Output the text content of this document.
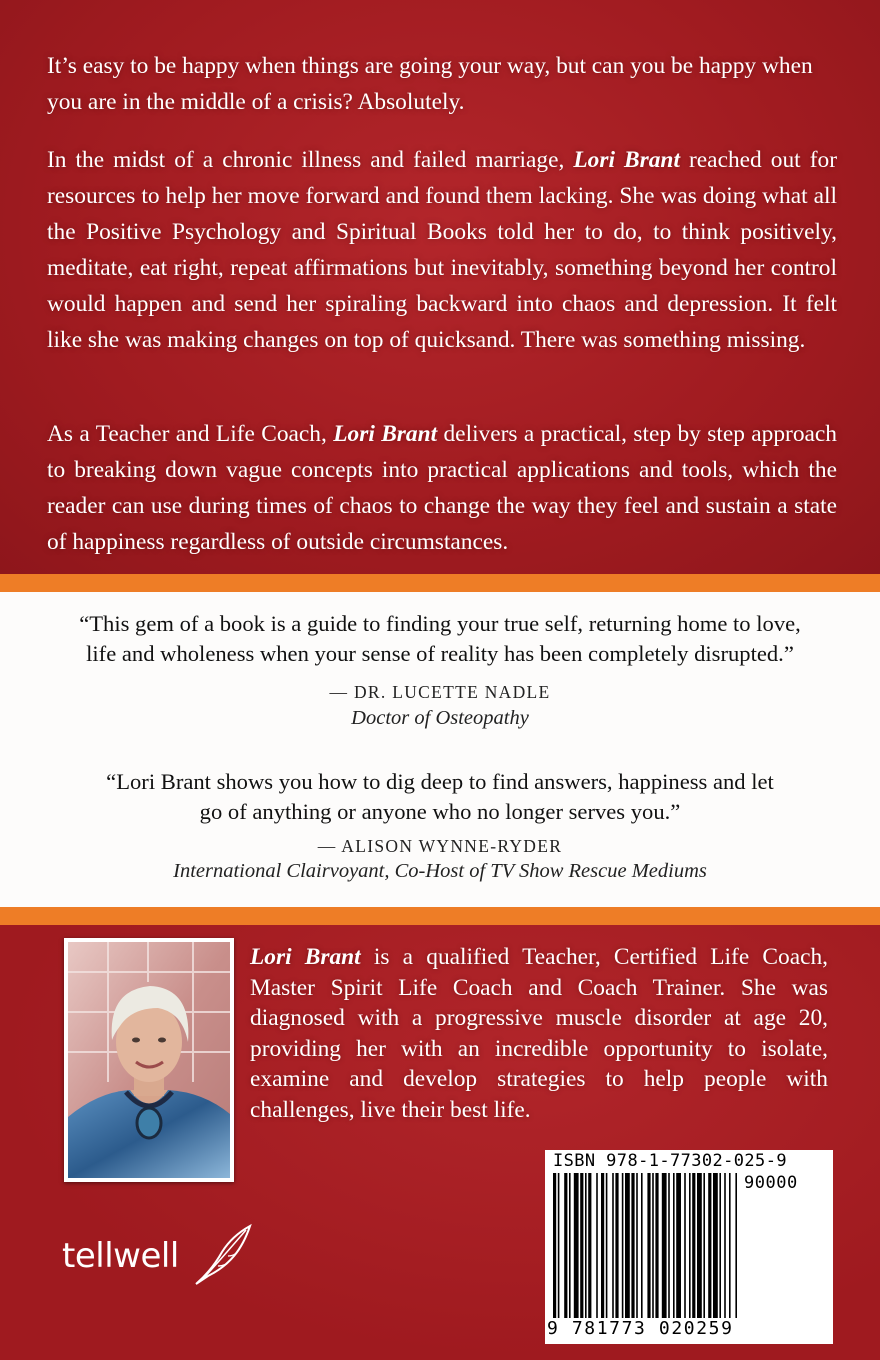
It’s easy to be happy when things are going your way, but can you be happy when you are in the middle of a crisis? Absolutely.

In the midst of a chronic illness and failed marriage, Lori Brant reached out for resources to help her move forward and found them lacking. She was doing what all the Positive Psychology and Spiritual Books told her to do, to think positively, meditate, eat right, repeat affirmations but inevitably, something beyond her control would happen and send her spiraling backward into chaos and depression. It felt like she was making changes on top of quicksand. There was something missing.

As a Teacher and Life Coach, Lori Brant delivers a practical, step by step approach to breaking down vague concepts into practical applications and tools, which the reader can use during times of chaos to change the way they feel and sustain a state of happiness regardless of outside circumstances.

“This gem of a book is a guide to finding your true self, returning home to love,

life and wholeness when your sense of reality has been completely disrupted.”

— DR. LUCETTE NADLE

Doctor of Osteopathy

“Lori Brant shows you how to dig deep to find answers, happiness and let

go of anything or anyone who no longer serves you.”

— ALISON WYNNE-RYDER

International Clairvoyant, Co-Host of TV Show Rescue Mediums

Lori Brant is a qualified Teacher, Certified Life Coach, Master Spirit Life Coach and Coach Trainer. She was diagnosed with a progressive muscle disorder at age 20, providing her with an incredible opportunity to isolate, examine and develop strategies to help people with challenges, live their best life.

tellwell

ISBN 978-1-77302-025-9

90000

9 781773 020259
